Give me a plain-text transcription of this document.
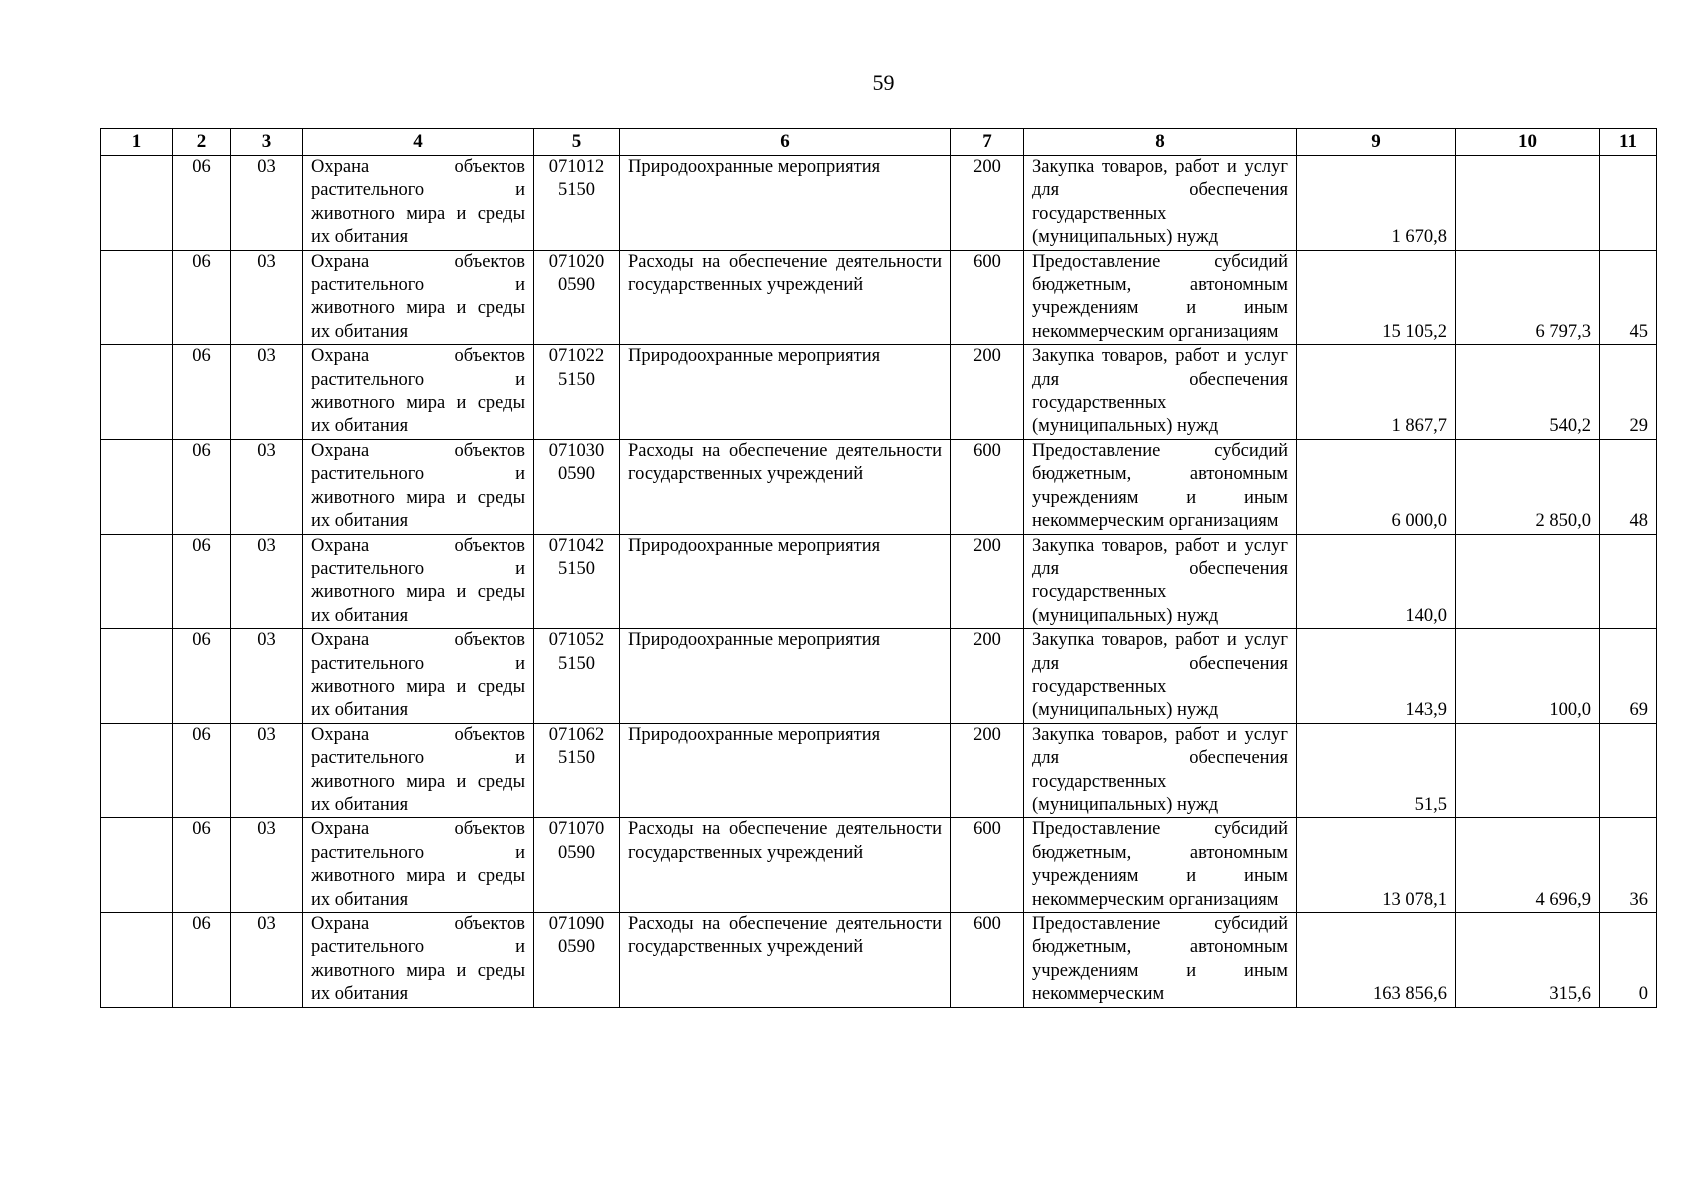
59
1	2	3	4	5	6	7	8	9	10	11
	06	03	Охрана объектов растительного и животного мира и среды их обитания	071012 5150	Природоохранные мероприятия	200	Закупка товаров, работ и услуг для обеспечения государственных (муниципальных) нужд	1 670,8		
	06	03	Охрана объектов растительного и животного мира и среды их обитания	071020 0590	Расходы на обеспечение деятельности государственных учреждений	600	Предоставление субсидий бюджетным, автономным учреждениям и иным некоммерческим организациям	15 105,2	6 797,3	45
	06	03	Охрана объектов растительного и животного мира и среды их обитания	071022 5150	Природоохранные мероприятия	200	Закупка товаров, работ и услуг для обеспечения государственных (муниципальных) нужд	1 867,7	540,2	29
	06	03	Охрана объектов растительного и животного мира и среды их обитания	071030 0590	Расходы на обеспечение деятельности государственных учреждений	600	Предоставление субсидий бюджетным, автономным учреждениям и иным некоммерческим организациям	6 000,0	2 850,0	48
	06	03	Охрана объектов растительного и животного мира и среды их обитания	071042 5150	Природоохранные мероприятия	200	Закупка товаров, работ и услуг для обеспечения государственных (муниципальных) нужд	140,0		
	06	03	Охрана объектов растительного и животного мира и среды их обитания	071052 5150	Природоохранные мероприятия	200	Закупка товаров, работ и услуг для обеспечения государственных (муниципальных) нужд	143,9	100,0	69
	06	03	Охрана объектов растительного и животного мира и среды их обитания	071062 5150	Природоохранные мероприятия	200	Закупка товаров, работ и услуг для обеспечения государственных (муниципальных) нужд	51,5		
	06	03	Охрана объектов растительного и животного мира и среды их обитания	071070 0590	Расходы на обеспечение деятельности государственных учреждений	600	Предоставление субсидий бюджетным, автономным учреждениям и иным некоммерческим организациям	13 078,1	4 696,9	36
	06	03	Охрана объектов растительного и животного мира и среды их обитания	071090 0590	Расходы на обеспечение деятельности государственных учреждений	600	Предоставление субсидий бюджетным, автономным учреждениям и иным некоммерческим	163 856,6	315,6	0
